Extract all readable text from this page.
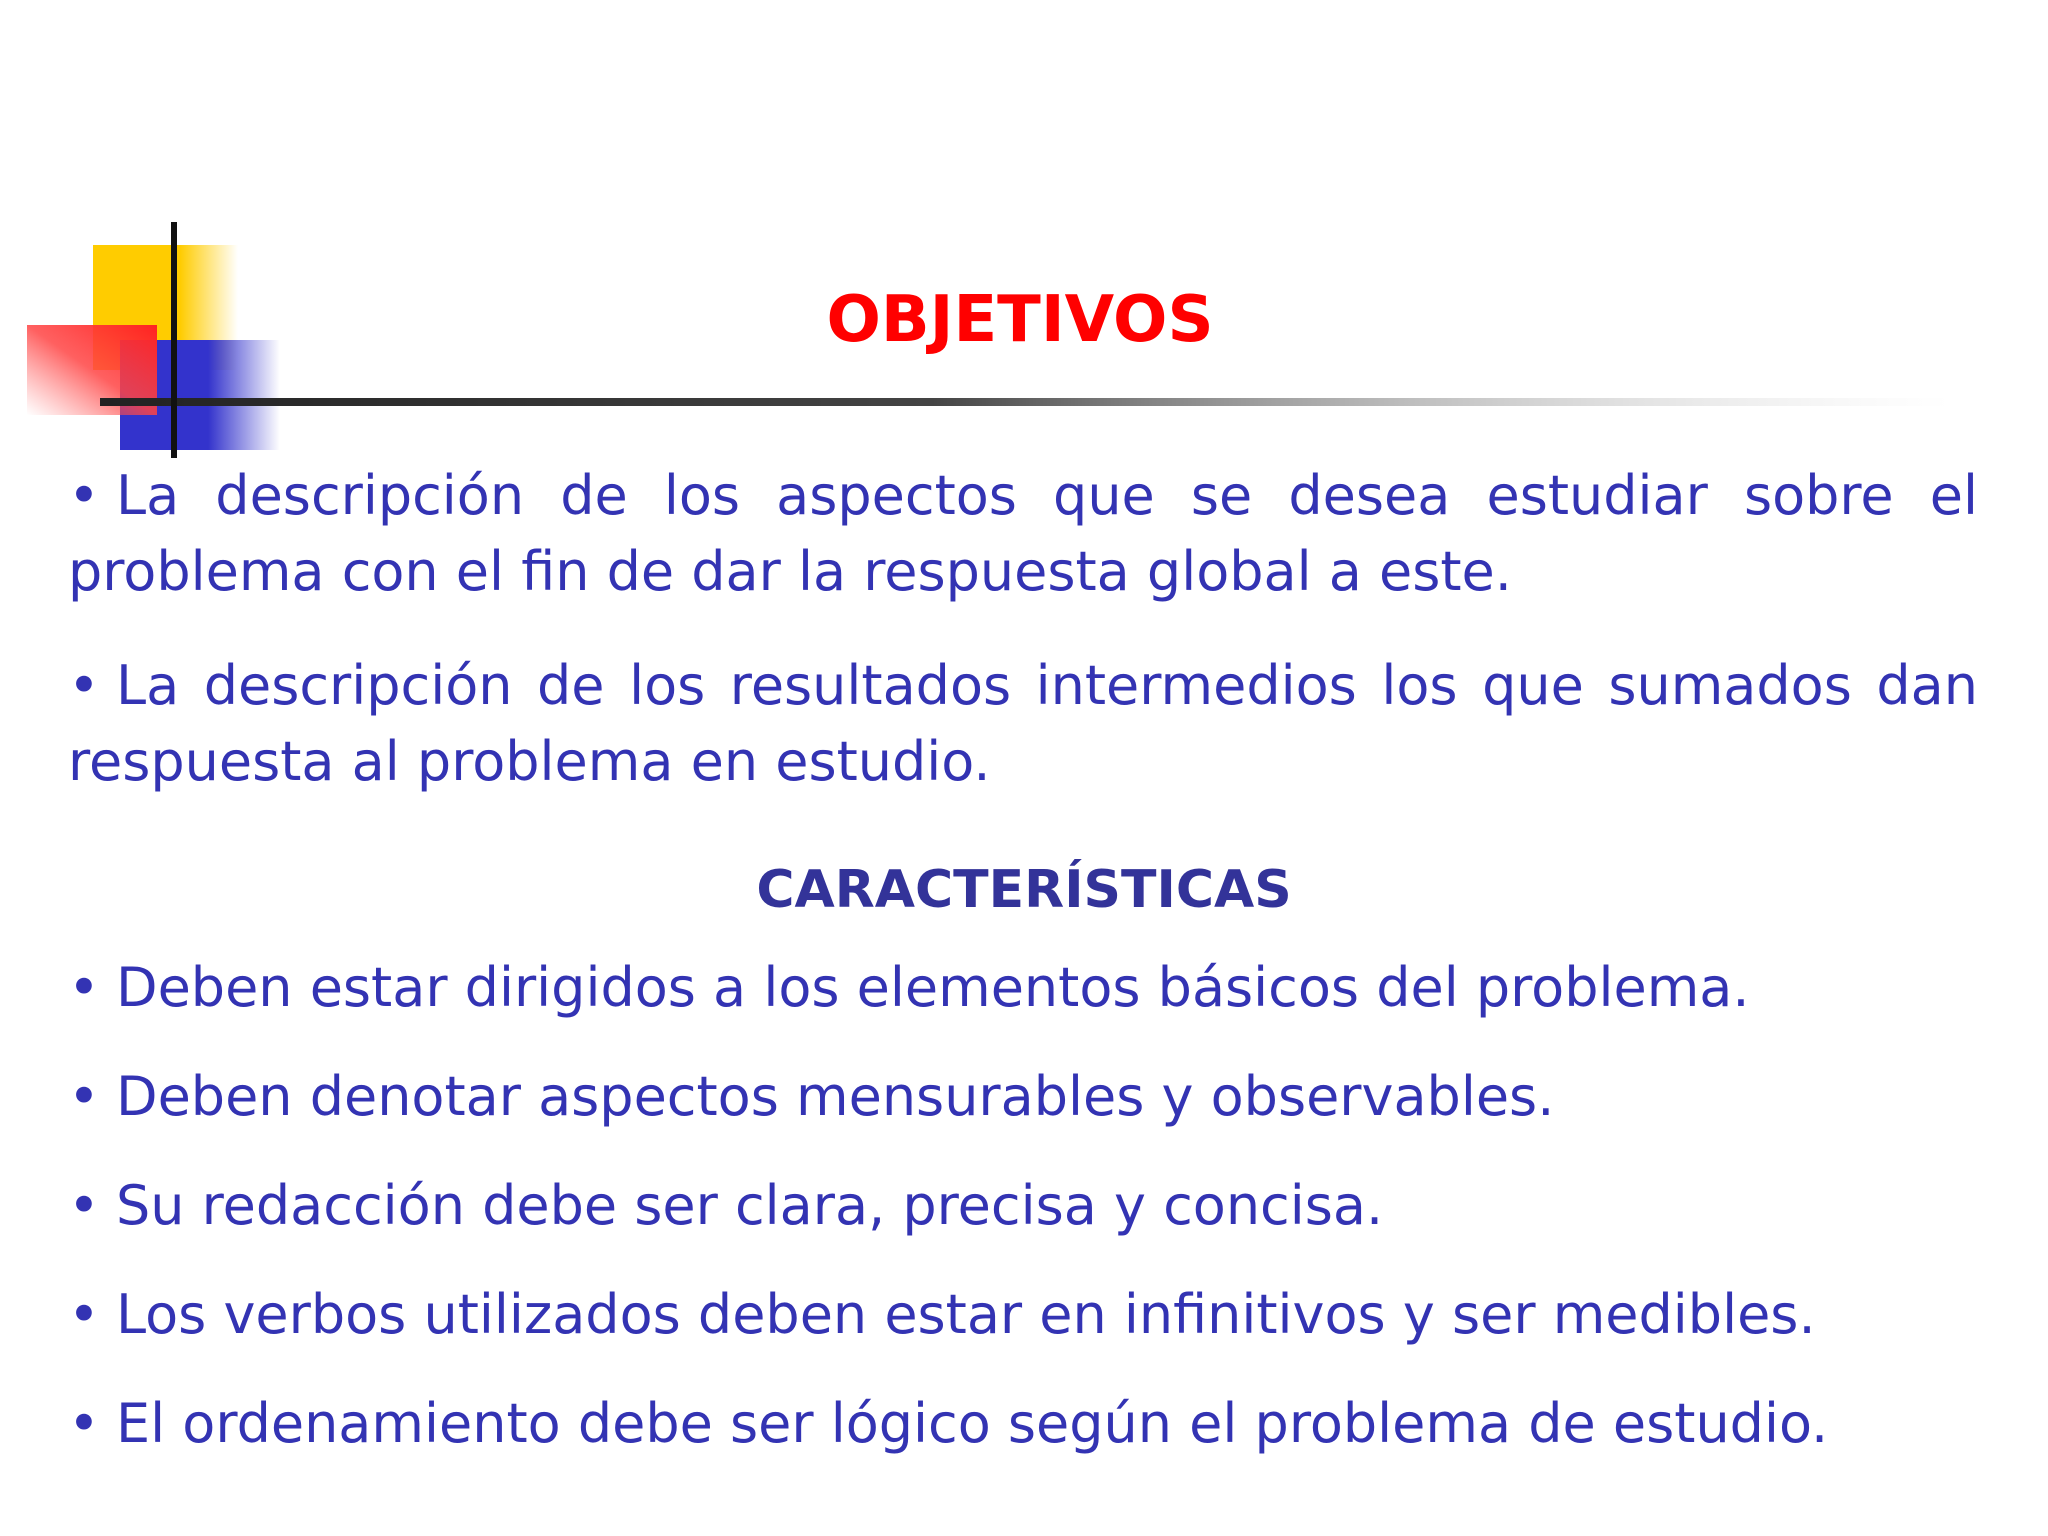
OBJETIVOS

• La descripción de los aspectos que se desea estudiar sobre el problema con el fin de dar la respuesta global a este.

• La descripción de los resultados intermedios los que sumados dan respuesta al problema en estudio.

CARACTERÍSTICAS

• Deben estar dirigidos a los elementos básicos del problema.

• Deben denotar aspectos mensurables y observables.

• Su redacción debe ser clara, precisa y concisa.

• Los verbos utilizados deben estar en infinitivos y ser medibles.

• El ordenamiento debe ser lógico según el problema de estudio.
